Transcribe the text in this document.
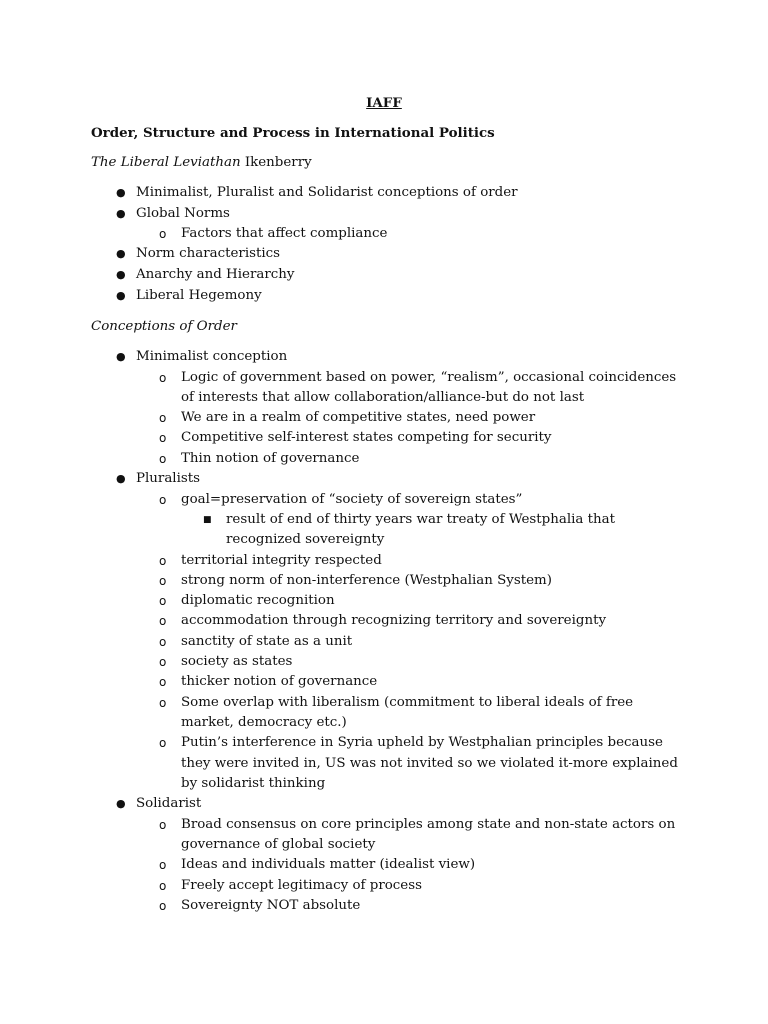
IAFF
Order, Structure and Process in International Politics
The Liberal Leviathan Ikenberry
● Minimalist, Pluralist and Solidarist conceptions of order
● Global Norms
o Factors that affect compliance
● Norm characteristics
● Anarchy and Hierarchy
● Liberal Hegemony
Conceptions of Order
● Minimalist conception
o Logic of government based on power, “realism”, occasional coincidences of interests that allow collaboration/alliance-but do not last
o We are in a realm of competitive states, need power
o Competitive self-interest states competing for security
o Thin notion of governance
● Pluralists
o goal=preservation of “society of sovereign states”
■ result of end of thirty years war treaty of Westphalia that recognized sovereignty
o territorial integrity respected
o strong norm of non-interference (Westphalian System)
o diplomatic recognition
o accommodation through recognizing territory and sovereignty
o sanctity of state as a unit
o society as states
o thicker notion of governance
o Some overlap with liberalism (commitment to liberal ideals of free market, democracy etc.)
o Putin’s interference in Syria upheld by Westphalian principles because they were invited in, US was not invited so we violated it-more explained by solidarist thinking
● Solidarist
o Broad consensus on core principles among state and non-state actors on governance of global society
o Ideas and individuals matter (idealist view)
o Freely accept legitimacy of process
o Sovereignty NOT absolute
